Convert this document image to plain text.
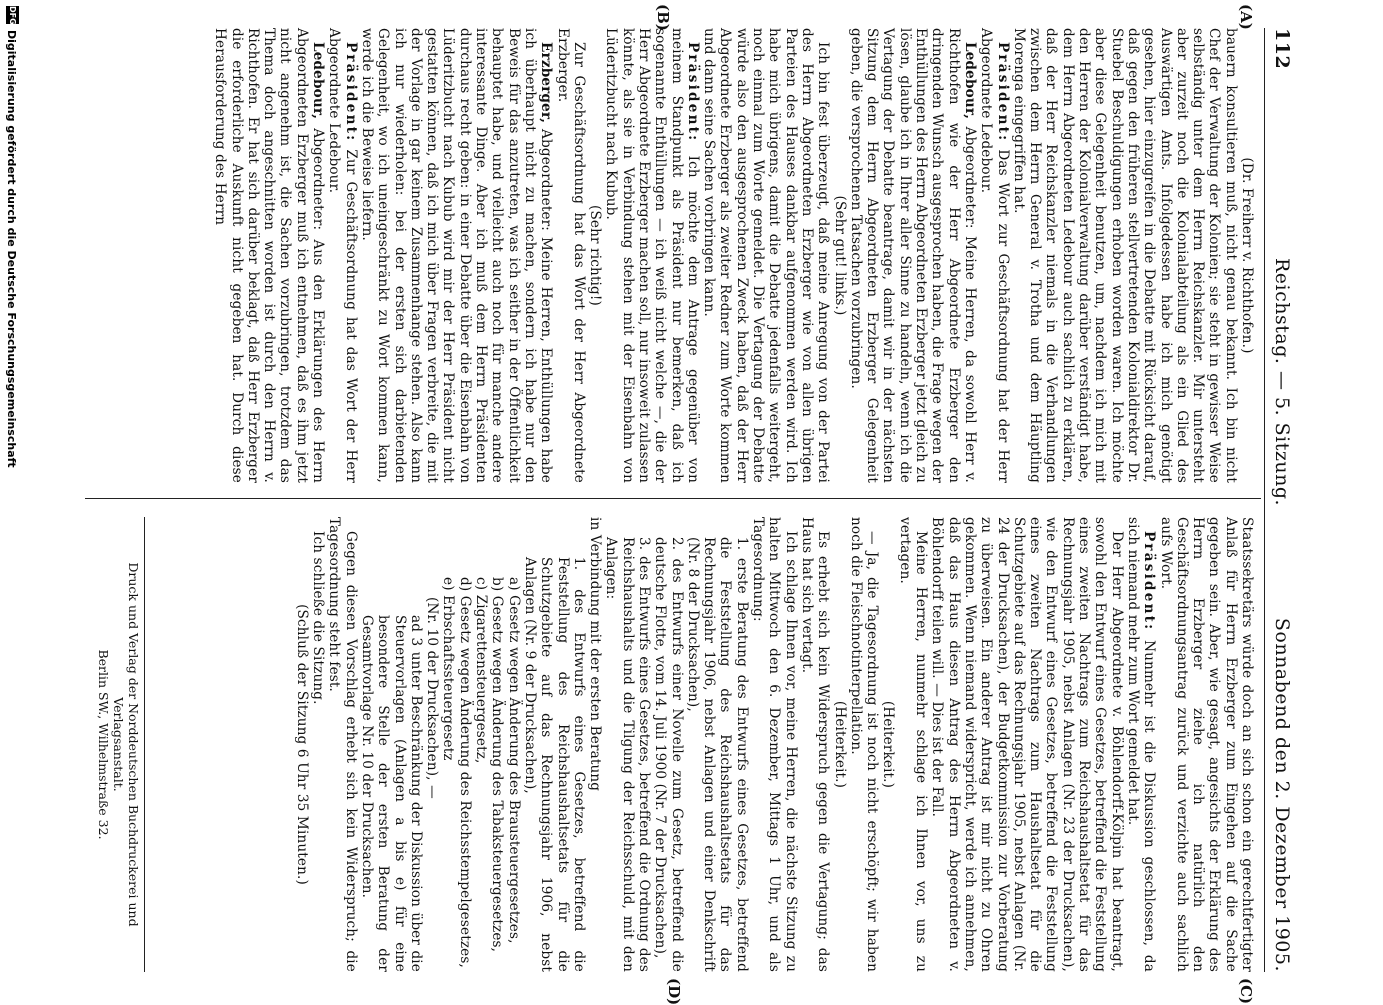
112
Reichstag. — 5. Sitzung.
Sonnabend den 2. Dezember 1905.
(A)
(B)
(C)
(D)

(Dr. Freiherr v. Richthofen.)
bauern konsultieren muß, nicht genau bekannt. Ich bin nicht Chef der Verwaltung der Kolonien; sie steht in gewisser Weise selbständig unter dem Herrn Reichskanzler. Mir untersteht aber zurzeit noch die Kolonialabteilung als ein Glied des Auswärtigen Amts. Infolgedessen habe ich mich genötigt gesehen, hier einzugreifen in die Debatte mit Rücksicht darauf, daß gegen den früheren stellvertretenden Kolonialdirektor Dr. Stuebel Beschuldigungen erhoben worden waren. Ich möchte aber diese Gelegenheit benutzen, um, nachdem ich mich mit den Herren der Kolonialverwaltung darüber verständigt habe, dem Herrn Abgeordneten Ledebour auch sachlich zu erklären, daß der Herr Reichskanzler niemals in die Verhandlungen zwischen dem Herrn General v. Trotha und dem Häuptling Morenga eingegriffen hat.

Präsident: Das Wort zur Geschäftsordnung hat der Herr Abgeordnete Ledebour.

Ledebour, Abgeordneter: Meine Herren, da sowohl Herr v. Richthofen wie der Herr Abgeordnete Erzberger den dringenden Wunsch ausgesprochen haben, die Frage wegen der Enthüllungen des Herrn Abgeordneten Erzberger jetzt gleich zu lösen, glaube ich in Ihrer aller Sinne zu handeln, wenn ich die Vertagung der Debatte beantrage, damit wir in der nächsten Sitzung dem Herrn Abgeordneten Erzberger Gelegenheit geben, die versprochenen Tatsachen vorzubringen.

(Sehr gut! links.)

Ich bin fest überzeugt, daß meine Anregung von der Partei des Herrn Abgeordneten Erzberger wie von allen übrigen Parteien des Hauses dankbar aufgenommen werden wird. Ich habe mich übrigens, damit die Debatte jedenfalls weitergeht, noch einmal zum Worte gemeldet. Die Vertagung der Debatte würde also den ausgesprochenen Zweck haben, daß der Herr Abgeordnete Erzberger als zweiter Redner zum Worte kommen und dann seine Sachen vorbringen kann.

Präsident: Ich möchte dem Antrage gegenüber von meinem Standpunkt als Präsident nur bemerken, daß ich sogenannte Enthüllungen — ich weiß nicht welche —, die der Herr Abgeordnete Erzberger machen soll, nur insoweit zulassen könnte, als sie in Verbindung stehen mit der Eisenbahn von Lüderitzbucht nach Kubub.

(Sehr richtig!)

Zur Geschäftsordnung hat das Wort der Herr Abgeordnete Erzberger.

Erzberger, Abgeordneter: Meine Herren, Enthüllungen habe ich überhaupt nicht zu machen, sondern ich habe nur den Beweis für das anzutreten, was ich seither in der Öffentlichkeit behauptet habe, und vielleicht auch noch für manche andere interessante Dinge. Aber ich muß dem Herrn Präsidenten durchaus recht geben: in einer Debatte über die Eisenbahn von Lüderitzbucht nach Kubub wird mir der Herr Präsident nicht gestatten können, daß ich mich über Fragen verbreite, die mit der Vorlage in gar keinem Zusammenhange stehen. Also kann ich nur wiederholen: bei der ersten sich darbietenden Gelegenheit, wo ich uneingeschränkt zu Wort kommen kann, werde ich die Beweise liefern.

Präsident: Zur Geschäftsordnung hat das Wort der Herr Abgeordnete Ledebour.

Ledebour, Abgeordneter: Aus den Erklärungen des Herrn Abgeordneten Erzberger muß ich entnehmen, daß es ihm jetzt nicht angenehm ist, die Sachen vorzubringen, trotzdem das Thema doch angeschnitten worden ist durch den Herrn v. Richthofen. Er hat sich darüber beklagt, daß Herr Erzberger die erforderliche Auskunft nicht gegeben hat. Durch diese Herausforderung des Herrn

Staatssekretärs würde doch an sich schon ein gerechtfertigter Anlaß für Herrn Erzberger zum Eingehen auf die Sache gegeben sein. Aber, wie gesagt, angesichts der Erklärung des Herrn Erzberger ziehe ich natürlich den Geschäftsordnungsantrag zurück und verzichte auch sachlich aufs Wort.

Präsident: Nunmehr ist die Diskussion geschlossen, da sich niemand mehr zum Wort gemeldet hat.

Der Herr Abgeordnete v. Böhlendorff-Kölpin hat beantragt, sowohl den Entwurf eines Gesetzes, betreffend die Feststellung eines zweiten Nachtrags zum Reichshaushaltsetat für das Rechnungsjahr 1905, nebst Anlagen (Nr. 23 der Drucksachen), wie den Entwurf eines Gesetzes, betreffend die Feststellung eines zweiten Nachtrags zum Haushaltsetat für die Schutzgebiete auf das Rechnungsjahr 1905, nebst Anlagen (Nr. 24 der Drucksachen), der Budgetkommission zur Vorberatung zu überweisen. Ein anderer Antrag ist mir nicht zu Ohren gekommen. Wenn niemand widerspricht, werde ich annehmen, daß das Haus diesen Antrag des Herrn Abgeordneten v. Böhlendorff teilen will. — Dies ist der Fall.

Meine Herren, nunmehr schlage ich Ihnen vor, uns zu vertagen.

(Heiterkeit.)

— Ja, die Tagesordnung ist noch nicht erschöpft; wir haben noch die Fleischnotinterpellation.

(Heiterkeit.)

Es erhebt sich kein Widerspruch gegen die Vertagung; das Haus hat sich vertagt.

Ich schlage Ihnen vor, meine Herren, die nächste Sitzung zu halten Mittwoch den 6. Dezember, Mittags 1 Uhr, und als Tagesordnung:

1. erste Beratung des Entwurfs eines Gesetzes, betreffend die Feststellung des Reichshaushaltsetats für das Rechnungsjahr 1906, nebst Anlagen und einer Denkschrift (Nr. 8 der Drucksachen),
2. des Entwurfs einer Novelle zum Gesetz, betreffend die deutsche Flotte, vom 14. Juli 1900 (Nr. 7 der Drucksachen),
3. des Entwurfs eines Gesetzes, betreffend die Ordnung des Reichshaushalts und die Tilgung der Reichsschuld, mit den Anlagen:
in Verbindung mit der ersten Beratung
1. des Entwurfs eines Gesetzes, betreffend die Feststellung des Reichshaushaltsetats für die Schutzgebiete auf das Rechnungsjahr 1906, nebst Anlagen (Nr. 9 der Drucksachen),
a) Gesetz wegen Änderung des Brausteuergesetzes,
b) Gesetz wegen Änderung des Tabaksteuergesetzes,
c) Zigarettensteuergesetz,
d) Gesetz wegen Änderung des Reichsstempelgesetzes,
e) Erbschaftssteuergesetz
(Nr. 10 der Drucksachen), —
ad 3 unter Beschränkung der Diskussion über die Steuervorlagen (Anlagen a bis e) für eine besondere Stelle der ersten Beratung der Gesamtvorlage Nr. 10 der Drucksachen.

Gegen diesen Vorschlag erhebt sich kein Widerspruch; die Tagesordnung steht fest.

Ich schließe die Sitzung.

(Schluß der Sitzung 6 Uhr 35 Minuten.)

Druck und Verlag der Norddeutschen Buchdruckerei und Verlagsanstalt.
Berlin SW., Wilhelmstraße 32.
DFG
Digitalisierung gefördert durch die Deutsche Forschungsgemeinschaft
